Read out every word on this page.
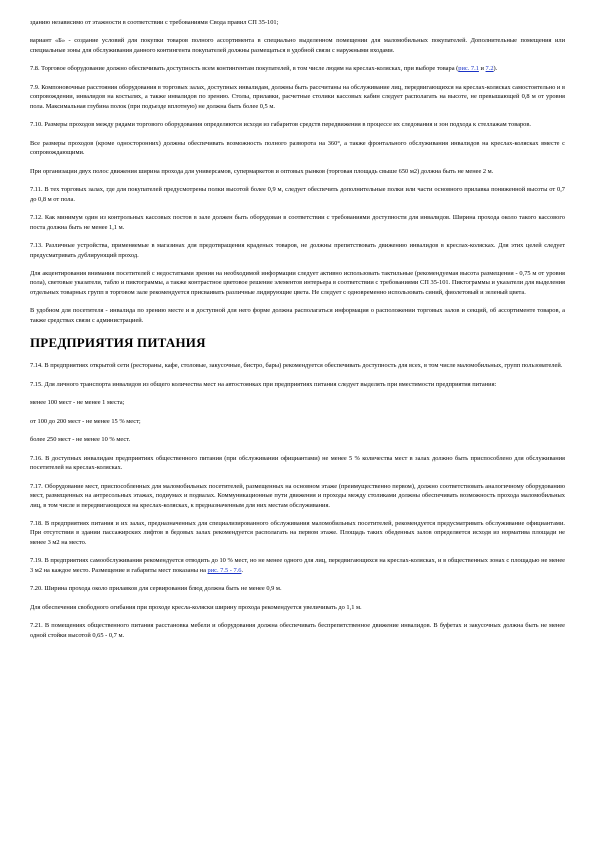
зданию независимо от этажности в соответствии с требованиями Свода правил СП 35-101;

вариант «Б» - создание условий для покупки товаров полного ассортимента в специально выделенном помещении для маломобильных покупателей. Дополнительные помещения или специальные зоны для обслуживания данного контингента покупателей должны размещаться в удобной связи с наружными входами.

7.8. Торговое оборудование должно обеспечивать доступность всем контингентам покупателей, в том числе людям на креслах-колясках, при выборе товара (рис. 7.1 и 7.2).

7.9. Компоновочные расстояния оборудования в торговых залах, доступных инвалидам, должны быть рассчитаны на обслуживание лиц, передвигающихся на креслах-колясках самостоятельно и в сопровождении, инвалидов на костылях, а также инвалидов по зрению. Столы, прилавки, расчетные столики кассовых кабин следует располагать на высоте, не превышающей 0,8 м от уровня пола. Максимальная глубина полок (при подъезде вплотную) не должна быть более 0,5 м.

7.10. Размеры проходов между рядами торгового оборудования определяются исходя из габаритов средств передвижения в процессе их следования и зон подхода к стеллажам товаров.

Все размеры проходов (кроме односторонних) должны обеспечивать возможность полного разворота на 360°, а также фронтального обслуживания инвалидов на креслах-колясках вместе с сопровождающими.

При организации двух полос движения ширина прохода для универсамов, супермаркетов и оптовых рынков (торговая площадь свыше 650 м2) должна быть не менее 2 м.

7.11. В тех торговых залах, где для покупателей предусмотрены полки высотой более 0,9 м, следует обеспечить дополнительные полки или части основного прилавка пониженной высоты от 0,7 до 0,8 м от пола.

7.12. Как минимум один из контрольных кассовых постов в зале должен быть оборудован в соответствии с требованиями доступности для инвалидов. Ширина прохода около такого кассового поста должна быть не менее 1,1 м.

7.13. Различные устройства, применяемые в магазинах для предотвращения краденых товаров, не должны препятствовать движению инвалидов в креслах-колясках. Для этих целей следует предусматривать дублирующий проход.

Для акцентирования внимания посетителей с недостатками зрения на необходимой информации следует активно использовать тактильные (рекомендуемая высота размещения - 0,75 м от уровня пола), световые указатели, табло и пиктограммы, а также контрастное цветовое решение элементов интерьера в соответствии с требованиями СП 35-101. Пиктограммы и указатели для выделения отдельных товарных групп в торговом зале рекомендуется присваивать различные лидирующие цвета. Не следует с одновременно использовать синий, фиолетовый и зеленый цвета.

В удобном для посетителя - инвалида по зрению месте и в доступной для него форме должна располагаться информация о расположении торговых залов и секций, об ассортименте товаров, а также средствах связи с администрацией.

ПРЕДПРИЯТИЯ ПИТАНИЯ

7.14. В предприятиях открытой сети (рестораны, кафе, столовые, закусочные, бистро, бары) рекомендуется обеспечивать доступность для всех, в том числе маломобильных, групп пользователей.

7.15. Для личного транспорта инвалидов из общего количества мест на автостоянках при предприятиях питания следует выделять при вместимости предприятия питания:

менее 100 мест - не менее 1 места;

от 100 до 200 мест - не менее 15 % мест;

более 250 мест - не менее 10 % мест.

7.16. В доступных инвалидам предприятиях общественного питания (при обслуживании официантами) не менее 5 % количества мест в залах должно быть приспособлено для обслуживания посетителей на креслах-колясках.

7.17. Оборудование мест, приспособленных для маломобильных посетителей, размещенных на основном этаже (преимущественно первом), должно соответствовать аналогичному оборудованию мест, размещенных на антресольных этажах, подиумах и подвалах. Коммуникационные пути движения и проходы между столиками должны обеспечивать возможность прохода маломобильных лиц, в том числе и передвигающихся на креслах-колясках, к предназначенным для них местам обслуживания.

7.18. В предприятиях питания и их залах, предназначенных для специализированного обслуживания маломобильных посетителей, рекомендуется предусматривать обслуживание официантами. При отсутствии в здании пассажирских лифтов в бедовых залах рекомендуется располагать на первом этаже. Площадь таких обеденных залов определяется исходя из норматива площади не менее 3 м2 на место.

7.19. В предприятиях самообслуживания рекомендуется отводить до 10 % мест, но не менее одного для лиц, передвигающихся на креслах-колясках, и в общественных зонах с площадью не менее 3 м2 на каждое место. Размещение и габариты мест показаны на рис. 7.5 - 7.6.

7.20. Ширина прохода около прилавков для сервирования блюд должна быть не менее 0,9 м.

Для обеспечения свободного огибания при проходе кресла-коляски ширину прохода рекомендуется увеличивать до 1,1 м.

7.21. В помещениях общественного питания расстановка мебели и оборудования должна обеспечивать беспрепятственное движение инвалидов. В буфетах и закусочных должна быть не менее одной стойки высотой 0,65 - 0,7 м.
